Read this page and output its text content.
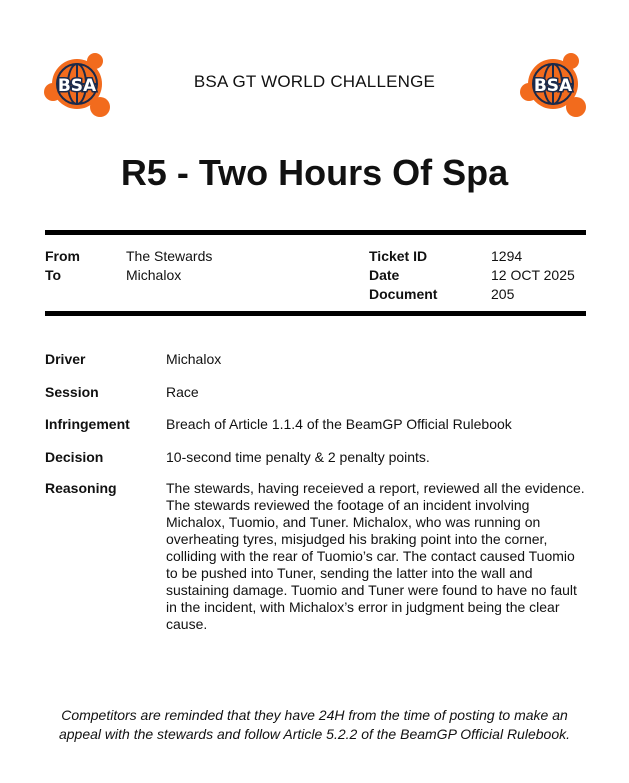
BSA	BSA
BSA GT WORLD CHALLENGE
R5 - Two Hours Of Spa
From	The Stewards
To	Michalox
Ticket ID	1294
Date	12 OCT 2025
Document	205
Driver	Michalox
Session	Race
Infringement	Breach of Article 1.1.4 of the BeamGP Official Rulebook
Decision	10-second time penalty & 2 penalty points.
Reasoning	The stewards, having receieved a report, reviewed all the evidence. The stewards reviewed the footage of an incident involving Michalox, Tuomio, and Tuner. Michalox, who was running on overheating tyres, misjudged his braking point into the corner, colliding with the rear of Tuomio’s car. The contact caused Tuomio to be pushed into Tuner, sending the latter into the wall and sustaining damage. Tuomio and Tuner were found to have no fault in the incident, with Michalox’s error in judgment being the clear cause.
Competitors are reminded that they have 24H from the time of posting to make an appeal with the stewards and follow Article 5.2.2 of the BeamGP Official Rulebook.
